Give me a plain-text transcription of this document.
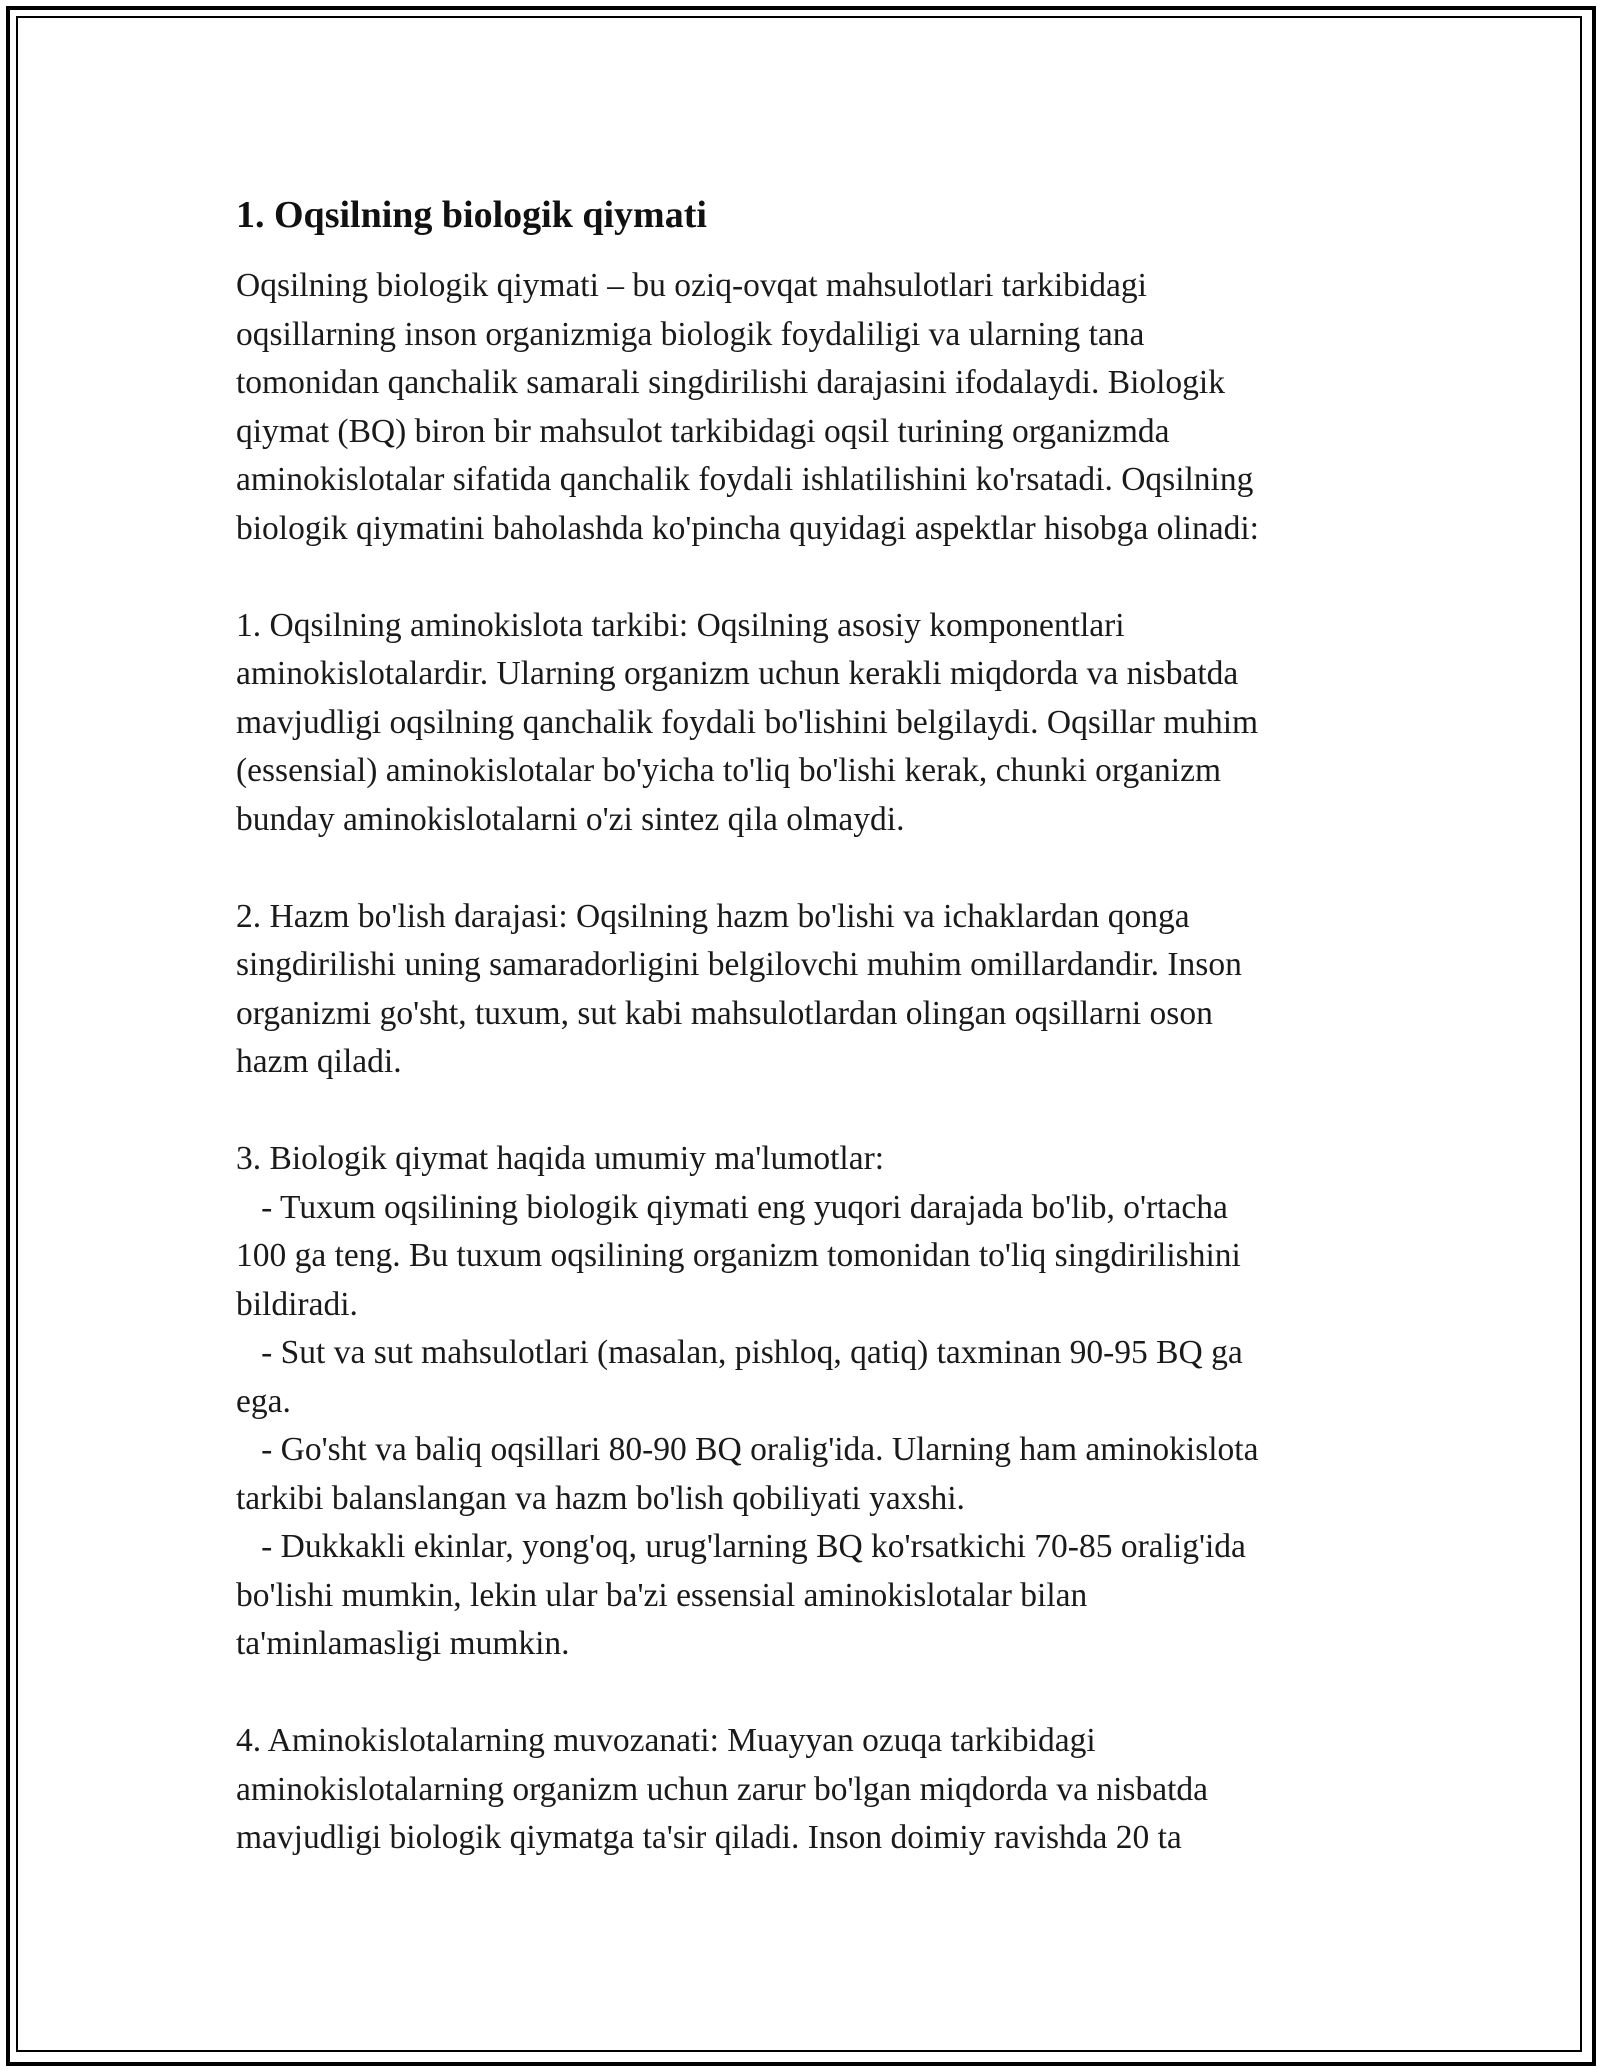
1. Oqsilning biologik qiymati

Oqsilning biologik qiymati – bu oziq-ovqat mahsulotlari tarkibidagi
oqsillarning inson organizmiga biologik foydaliligi va ularning tana
tomonidan qanchalik samarali singdirilishi darajasini ifodalaydi. Biologik
qiymat (BQ) biron bir mahsulot tarkibidagi oqsil turining organizmda
aminokislotalar sifatida qanchalik foydali ishlatilishini ko'rsatadi. Oqsilning
biologik qiymatini baholashda ko'pincha quyidagi aspektlar hisobga olinadi:

1. Oqsilning aminokislota tarkibi: Oqsilning asosiy komponentlari
aminokislotalardir. Ularning organizm uchun kerakli miqdorda va nisbatda
mavjudligi oqsilning qanchalik foydali bo'lishini belgilaydi. Oqsillar muhim
(essensial) aminokislotalar bo'yicha to'liq bo'lishi kerak, chunki organizm
bunday aminokislotalarni o'zi sintez qila olmaydi.

2. Hazm bo'lish darajasi: Oqsilning hazm bo'lishi va ichaklardan qonga
singdirilishi uning samaradorligini belgilovchi muhim omillardandir. Inson
organizmi go'sht, tuxum, sut kabi mahsulotlardan olingan oqsillarni oson
hazm qiladi.

3. Biologik qiymat haqida umumiy ma'lumotlar:
- Tuxum oqsilining biologik qiymati eng yuqori darajada bo'lib, o'rtacha
100 ga teng. Bu tuxum oqsilining organizm tomonidan to'liq singdirilishini
bildiradi.
- Sut va sut mahsulotlari (masalan, pishloq, qatiq) taxminan 90-95 BQ ga
ega.
- Go'sht va baliq oqsillari 80-90 BQ oralig'ida. Ularning ham aminokislota
tarkibi balanslangan va hazm bo'lish qobiliyati yaxshi.
- Dukkakli ekinlar, yong'oq, urug'larning BQ ko'rsatkichi 70-85 oralig'ida
bo'lishi mumkin, lekin ular ba'zi essensial aminokislotalar bilan
ta'minlamasligi mumkin.

4. Aminokislotalarning muvozanati: Muayyan ozuqa tarkibidagi
aminokislotalarning organizm uchun zarur bo'lgan miqdorda va nisbatda
mavjudligi biologik qiymatga ta'sir qiladi. Inson doimiy ravishda 20 ta
